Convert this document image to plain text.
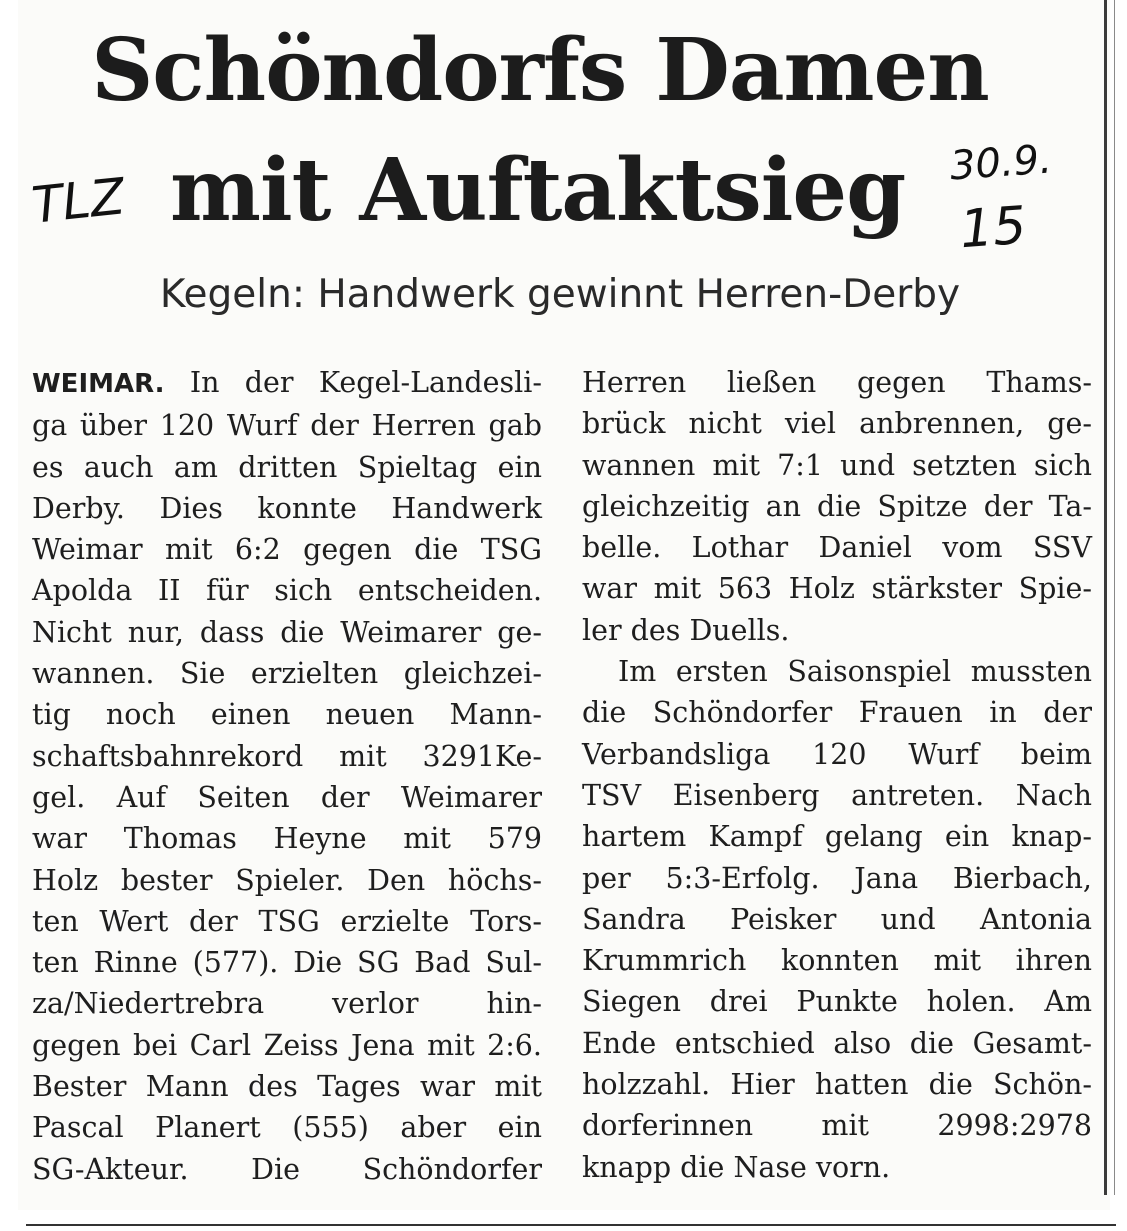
Schöndorfs Damen
mit Auftaktsieg
TLZ
30.9.
15
Kegeln: Handwerk gewinnt Herren-Derby
WEIMAR. In der Kegel-Landesli-
ga über 120 Wurf der Herren gab
es auch am dritten Spieltag ein
Derby. Dies konnte Handwerk
Weimar mit 6:2 gegen die TSG
Apolda II für sich entscheiden.
Nicht nur, dass die Weimarer ge-
wannen. Sie erzielten gleichzei-
tig noch einen neuen Mann-
schaftsbahnrekord mit 3291Ke-
gel. Auf Seiten der Weimarer
war Thomas Heyne mit 579
Holz bester Spieler. Den höchs-
ten Wert der TSG erzielte Tors-
ten Rinne (577). Die SG Bad Sul-
za/Niedertrebra verlor hin-
gegen bei Carl Zeiss Jena mit 2:6.
Bester Mann des Tages war mit
Pascal Planert (555) aber ein
SG-Akteur. Die Schöndorfer
Herren ließen gegen Thams-
brück nicht viel anbrennen, ge-
wannen mit 7:1 und setzten sich
gleichzeitig an die Spitze der Ta-
belle. Lothar Daniel vom SSV
war mit 563 Holz stärkster Spie-
ler des Duells.
Im ersten Saisonspiel mussten
die Schöndorfer Frauen in der
Verbandsliga 120 Wurf beim
TSV Eisenberg antreten. Nach
hartem Kampf gelang ein knap-
per 5:3-Erfolg. Jana Bierbach,
Sandra Peisker und Antonia
Krummrich konnten mit ihren
Siegen drei Punkte holen. Am
Ende entschied also die Gesamt-
holzzahl. Hier hatten die Schön-
dorferinnen mit 2998:2978
knapp die Nase vorn.
